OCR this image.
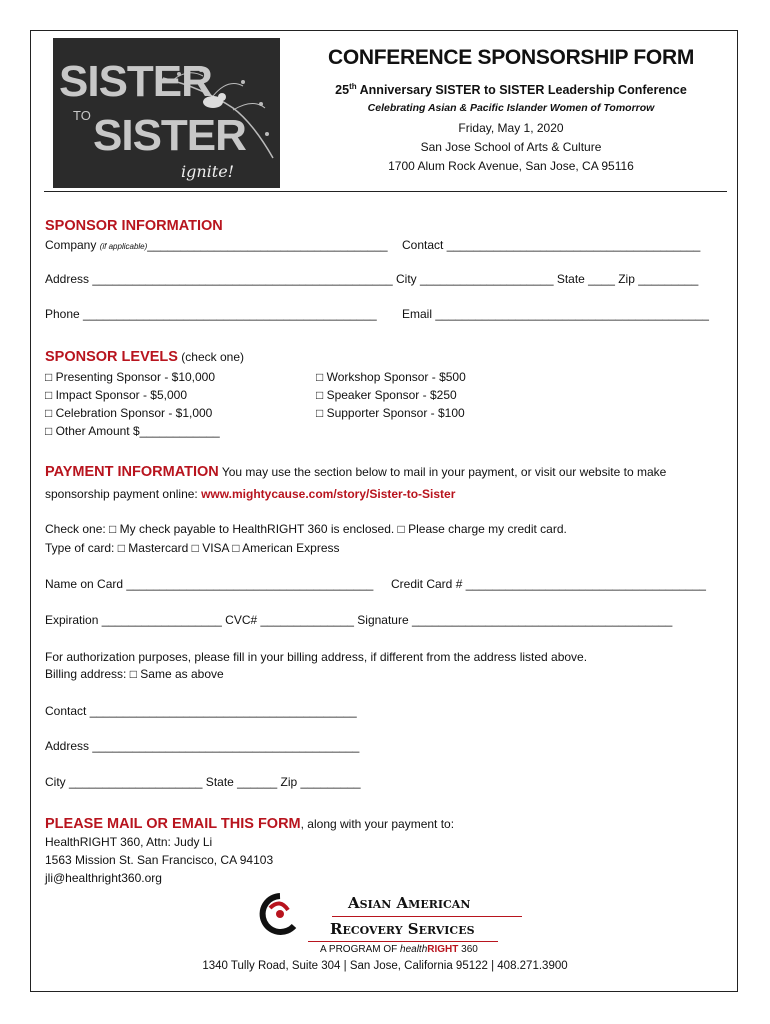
SISTER
TO SISTER
ignite!
CONFERENCE SPONSORSHIP FORM
25th Anniversary SISTER to SISTER Leadership Conference
Celebrating Asian & Pacific Islander Women of Tomorrow
Friday, May 1, 2020
San Jose School of Arts & Culture
1700 Alum Rock Avenue, San Jose, CA 95116
SPONSOR INFORMATION
Company (if applicable)____________________________________ Contact ______________________________________
Address _____________________________________________ City ____________________ State ____ Zip _________
Phone ____________________________________________ Email _________________________________________
SPONSOR LEVELS (check one)
□ Presenting Sponsor - $10,000
□ Impact Sponsor - $5,000
□ Celebration Sponsor - $1,000
□ Other Amount $____________
□ Workshop Sponsor - $500
□ Speaker Sponsor - $250
□ Supporter Sponsor - $100
PAYMENT INFORMATION You may use the section below to mail in your payment, or visit our website to make
sponsorship payment online: www.mightycause.com/story/Sister-to-Sister
Check one: □ My check payable to HealthRIGHT 360 is enclosed. □ Please charge my credit card.
Type of card: □ Mastercard □ VISA □ American Express
Name on Card _____________________________________ Credit Card # ____________________________________
Expiration __________________ CVC# ______________ Signature _______________________________________
For authorization purposes, please fill in your billing address, if different from the address listed above.
Billing address: □ Same as above
Contact ________________________________________
Address ________________________________________
City ____________________ State ______ Zip _________
PLEASE MAIL OR EMAIL THIS FORM, along with your payment to:
HealthRIGHT 360, Attn: Judy Li
1563 Mission St. San Francisco, CA 94103
jli@healthright360.org
Asian American
Recovery Services
A PROGRAM OF healthRIGHT 360
1340 Tully Road, Suite 304 | San Jose, California 95122 | 408.271.3900
